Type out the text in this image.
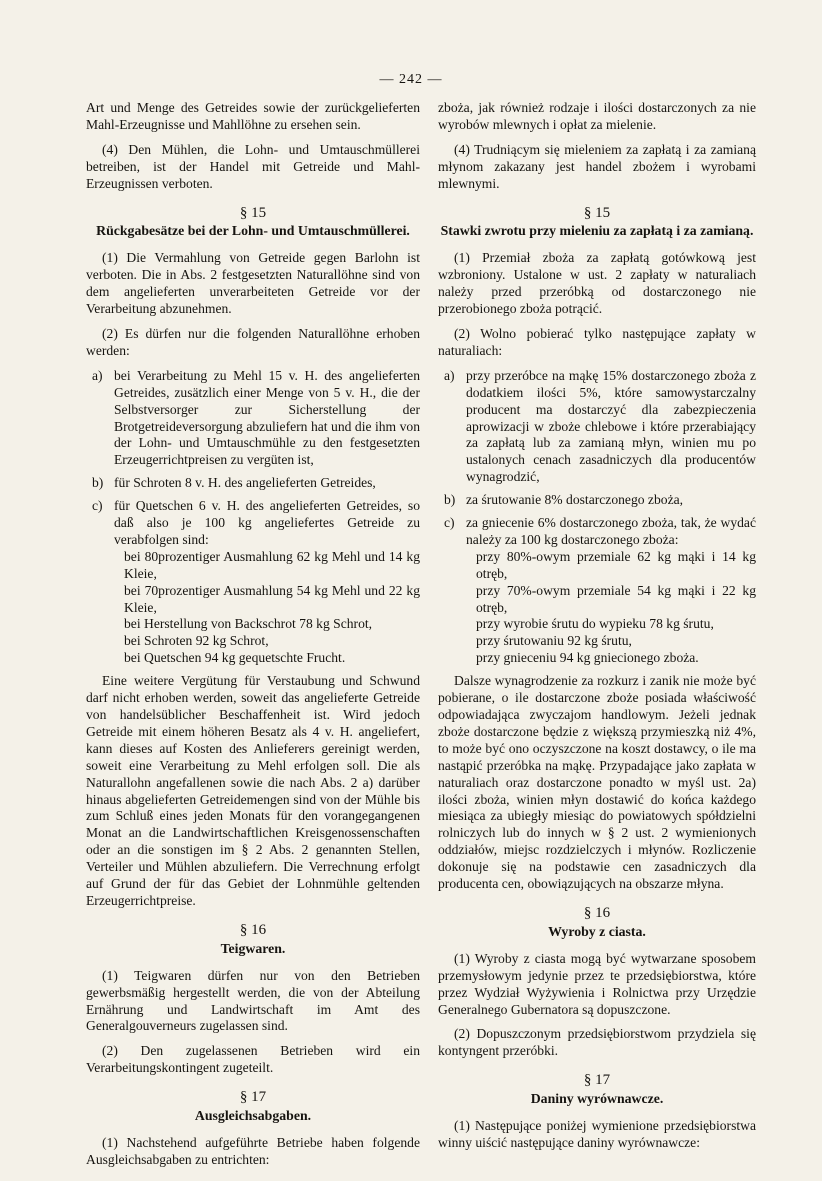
— 242 —

Art und Menge des Getreides sowie der zurückgelieferten Mahl-Erzeugnisse und Mahllöhne zu ersehen sein.

(4) Den Mühlen, die Lohn- und Umtauschmüllerei betreiben, ist der Handel mit Getreide und Mahl-Erzeugnissen verboten.

§ 15
Rückgabesätze bei der Lohn- und Umtauschmüllerei.

(1) Die Vermahlung von Getreide gegen Barlohn ist verboten. Die in Abs. 2 festgesetzten Naturallöhne sind von dem angelieferten unverarbeiteten Getreide vor der Verarbeitung abzunehmen.

(2) Es dürfen nur die folgenden Naturallöhne erhoben werden:

a) bei Verarbeitung zu Mehl 15 v. H. des angelieferten Getreides, zusätzlich einer Menge von 5 v. H., die der Selbstversorger zur Sicherstellung der Brotgetreideversorgung abzuliefern hat und die ihm von der Lohn- und Umtauschmühle zu den festgesetzten Erzeugerrichtpreisen zu vergüten ist,
b) für Schroten 8 v. H. des angelieferten Getreides,
c) für Quetschen 6 v. H. des angelieferten Getreides, so daß also je 100 kg angeliefertes Getreide zu verabfolgen sind:
bei 80prozentiger Ausmahlung 62 kg Mehl und 14 kg Kleie,
bei 70prozentiger Ausmahlung 54 kg Mehl und 22 kg Kleie,
bei Herstellung von Backschrot 78 kg Schrot,
bei Schroten 92 kg Schrot,
bei Quetschen 94 kg gequetschte Frucht.

Eine weitere Vergütung für Verstaubung und Schwund darf nicht erhoben werden, soweit das angelieferte Getreide von handelsüblicher Beschaffenheit ist. Wird jedoch Getreide mit einem höheren Besatz als 4 v. H. angeliefert, kann dieses auf Kosten des Anlieferers gereinigt werden, soweit eine Verarbeitung zu Mehl erfolgen soll. Die als Naturallohn angefallenen sowie die nach Abs. 2 a) darüber hinaus abgelieferten Getreidemengen sind von der Mühle bis zum Schluß eines jeden Monats für den vorangegangenen Monat an die Landwirtschaftlichen Kreisgenossenschaften oder an die sonstigen im § 2 Abs. 2 genannten Stellen, Verteiler und Mühlen abzuliefern. Die Verrechnung erfolgt auf Grund der für das Gebiet der Lohnmühle geltenden Erzeugerrichtpreise.

§ 16
Teigwaren.

(1) Teigwaren dürfen nur von den Betrieben gewerbsmäßig hergestellt werden, die von der Abteilung Ernährung und Landwirtschaft im Amt des Generalgouverneurs zugelassen sind.

(2) Den zugelassenen Betrieben wird ein Verarbeitungskontingent zugeteilt.

§ 17
Ausgleichsabgaben.

(1) Nachstehend aufgeführte Betriebe haben folgende Ausgleichsabgaben zu entrichten:

zboża, jak również rodzaje i ilości dostarczonych za nie wyrobów mlewnych i opłat za mielenie.

(4) Trudniącym się mieleniem za zapłatą i za zamianą młynom zakazany jest handel zbożem i wyrobami mlewnymi.

§ 15
Stawki zwrotu przy mieleniu za zapłatą i za zamianą.

(1) Przemiał zboża za zapłatą gotówkową jest wzbroniony. Ustalone w ust. 2 zapłaty w naturaliach należy przed przeróbką od dostarczonego nie przerobionego zboża potrącić.

(2) Wolno pobierać tylko następujące zapłaty w naturaliach:

a) przy przeróbce na mąkę 15% dostarczonego zboża z dodatkiem ilości 5%, które samowystarczalny producent ma dostarczyć dla zabezpieczenia aprowizacji w zboże chlebowe i które przerabiający za zapłatą lub za zamianą młyn, winien mu po ustalonych cenach zasadniczych dla producentów wynagrodzić,
b) za śrutowanie 8% dostarczonego zboża,
c) za gniecenie 6% dostarczonego zboża, tak, że wydać należy za 100 kg dostarczonego zboża:
przy 80%-owym przemiale 62 kg mąki i 14 kg otręb,
przy 70%-owym przemiale 54 kg mąki i 22 kg otręb,
przy wyrobie śrutu do wypieku 78 kg śrutu,
przy śrutowaniu 92 kg śrutu,
przy gnieceniu 94 kg gniecionego zboża.

Dalsze wynagrodzenie za rozkurz i zanik nie może być pobierane, o ile dostarczone zboże posiada właściwość odpowiadająca zwyczajom handlowym. Jeżeli jednak zboże dostarczone będzie z większą przymieszką niż 4%, to może być ono oczyszczone na koszt dostawcy, o ile ma nastąpić przeróbka na mąkę. Przypadające jako zapłata w naturaliach oraz dostarczone ponadto w myśl ust. 2a) ilości zboża, winien młyn dostawić do końca każdego miesiąca za ubiegły miesiąc do powiatowych spółdzielni rolniczych lub do innych w § 2 ust. 2 wymienionych oddziałów, miejsc rozdzielczych i młynów. Rozliczenie dokonuje się na podstawie cen zasadniczych dla producenta cen, obowiązujących na obszarze młyna.

§ 16
Wyroby z ciasta.

(1) Wyroby z ciasta mogą być wytwarzane sposobem przemysłowym jedynie przez te przedsiębiorstwa, które przez Wydział Wyżywienia i Rolnictwa przy Urzędzie Generalnego Gubernatora są dopuszczone.

(2) Dopuszczonym przedsiębiorstwom przydziela się kontyngent przeróbki.

§ 17
Daniny wyrównawcze.

(1) Następujące poniżej wymienione przedsiębiorstwa winny uiścić następujące daniny wyrównawcze:
